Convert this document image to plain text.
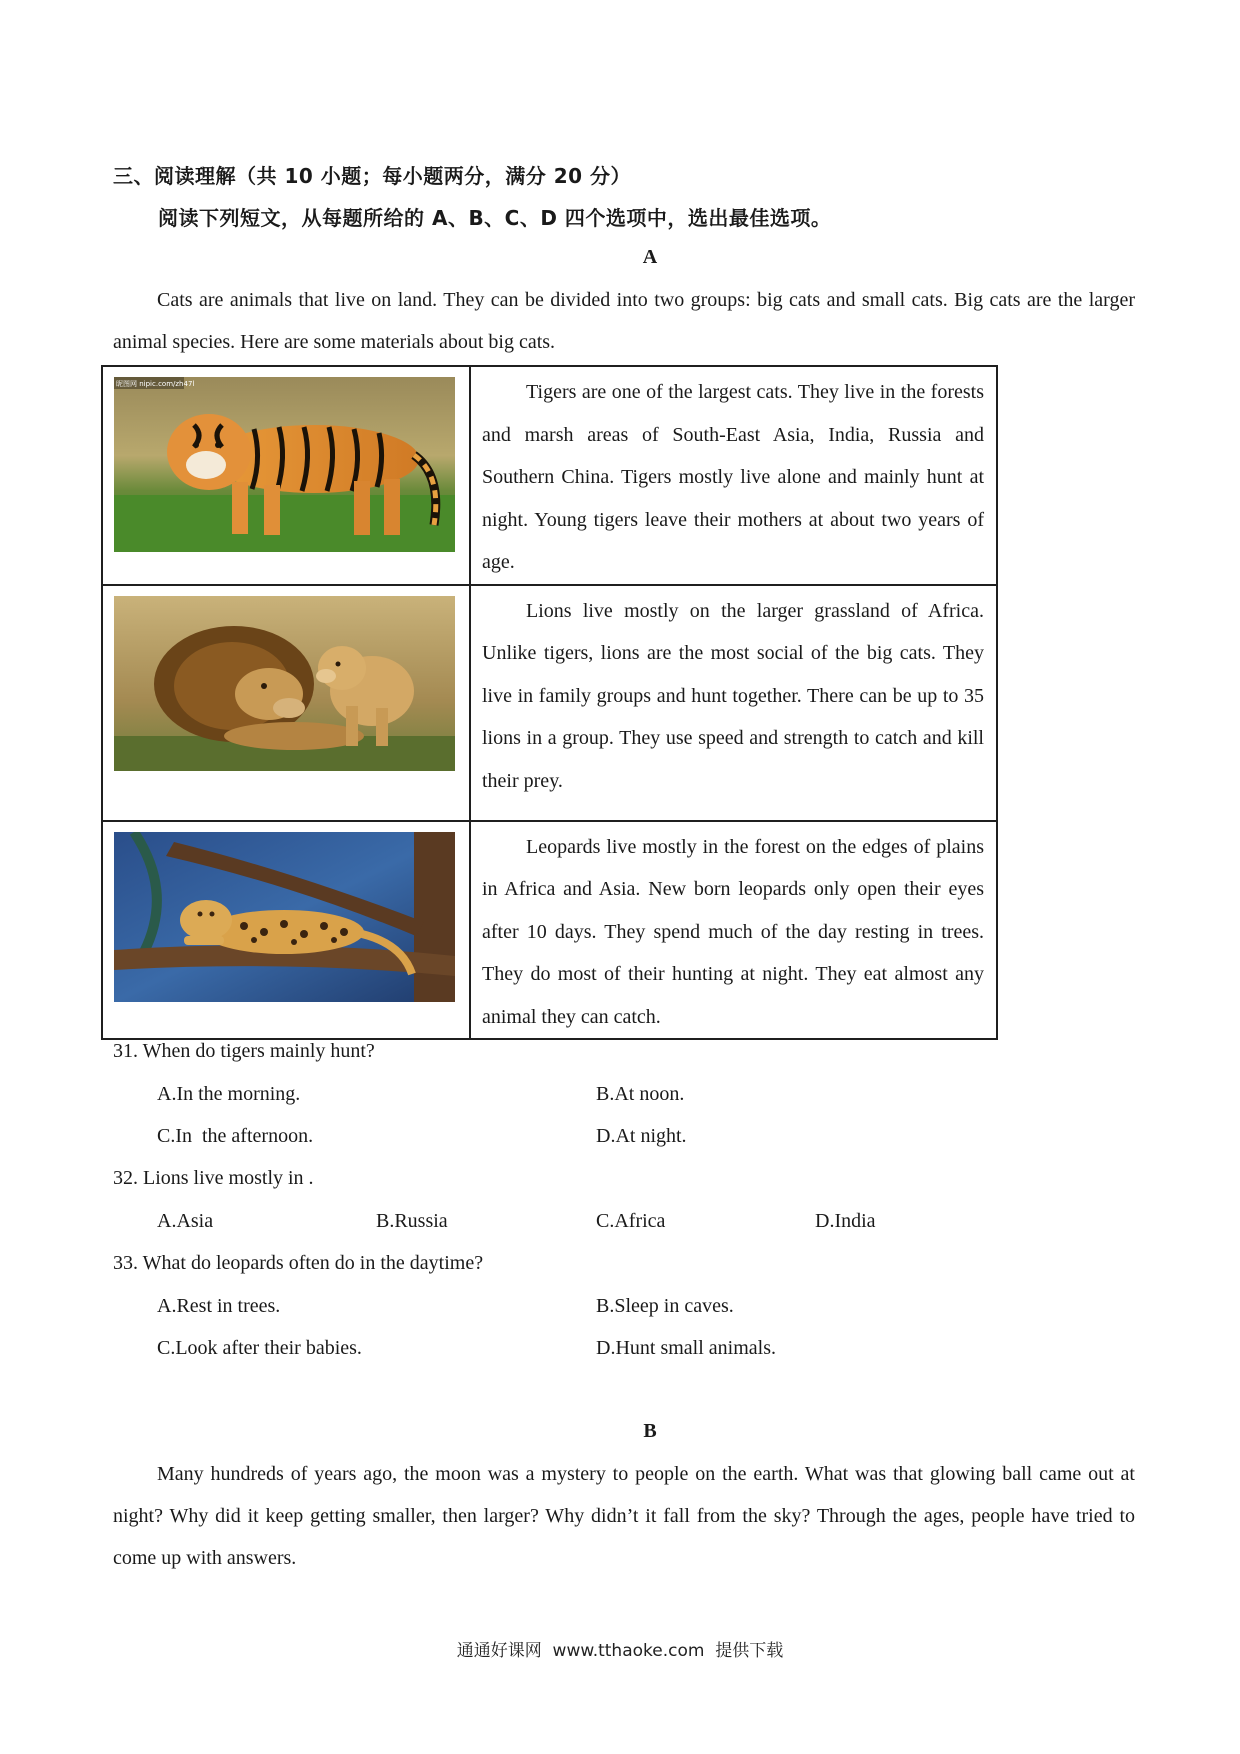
三、阅读理解（共 10 小题；每小题两分，满分 20 分）
阅读下列短文，从每题所给的 A、B、C、D 四个选项中，选出最佳选项。
A
Cats are animals that live on land. They can be divided into two groups: big cats and small cats. Big cats are the larger animal species. Here are some materials about big cats.
昵图网 nipic.com/zh47l	Tigers are one of the largest cats. They live in the forests and marsh areas of South-East Asia, India, Russia and Southern China. Tigers mostly live alone and mainly hunt at night. Young tigers leave their mothers at about two years of age.

Lions live mostly on the larger grassland of Africa. Unlike tigers, lions are the most social of the big cats. They live in family groups and hunt together. There can be up to 35 lions in a group. They use speed and strength to catch and kill their prey.

Leopards live mostly in the forest on the edges of plains in Africa and Asia. New born leopards only open their eyes after 10 days. They spend much of the day resting in trees. They do most of their hunting at night. They eat almost any animal they can catch.
31. When do tigers mainly hunt?
A.In the morning.	B.At noon.
C.In  the afternoon.	D.At night.
32. Lions live mostly in .
A.Asia	B.Russia	C.Africa	D.India
33. What do leopards often do in the daytime?
A.Rest in trees.	B.Sleep in caves.
C.Look after their babies.	D.Hunt small animals.
B
Many hundreds of years ago, the moon was a mystery to people on the earth. What was that glowing ball came out at night? Why did it keep getting smaller, then larger? Why didn’t it fall from the sky? Through the ages, people have tried to come up with answers.
通通好课网  www.tthaoke.com  提供下载
